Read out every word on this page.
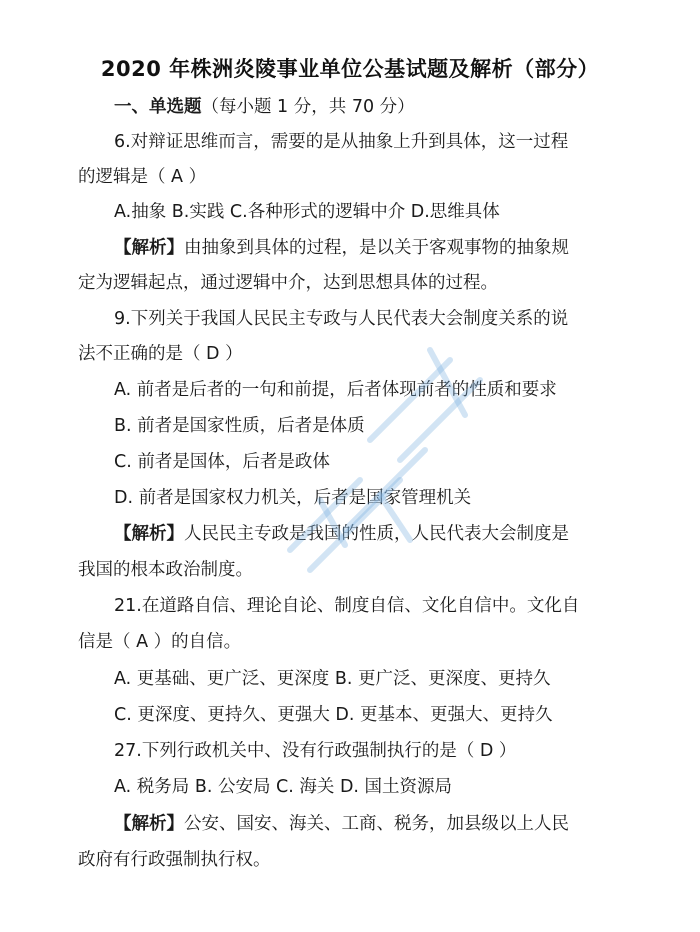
2020 年株洲炎陵事业单位公基试题及解析（部分）
一、单选题（每小题 1 分，共 70 分）
6.对辩证思维而言，需要的是从抽象上升到具体，这一过程
的逻辑是（ A ）
A.抽象 B.实践 C.各种形式的逻辑中介 D.思维具体
【解析】由抽象到具体的过程，是以关于客观事物的抽象规
定为逻辑起点，通过逻辑中介，达到思想具体的过程。
9.下列关于我国人民民主专政与人民代表大会制度关系的说
法不正确的是（ D ）
A. 前者是后者的一句和前提，后者体现前者的性质和要求
B. 前者是国家性质，后者是体质
C. 前者是国体，后者是政体
D. 前者是国家权力机关，后者是国家管理机关
【解析】人民民主专政是我国的性质，人民代表大会制度是
我国的根本政治制度。
21.在道路自信、理论自论、制度自信、文化自信中。文化自
信是（ A ）的自信。
A. 更基础、更广泛、更深度 B. 更广泛、更深度、更持久
C. 更深度、更持久、更强大 D. 更基本、更强大、更持久
27.下列行政机关中、没有行政强制执行的是（ D ）
A. 税务局 B. 公安局 C. 海关 D. 国土资源局
【解析】公安、国安、海关、工商、税务，加县级以上人民
政府有行政强制执行权。
